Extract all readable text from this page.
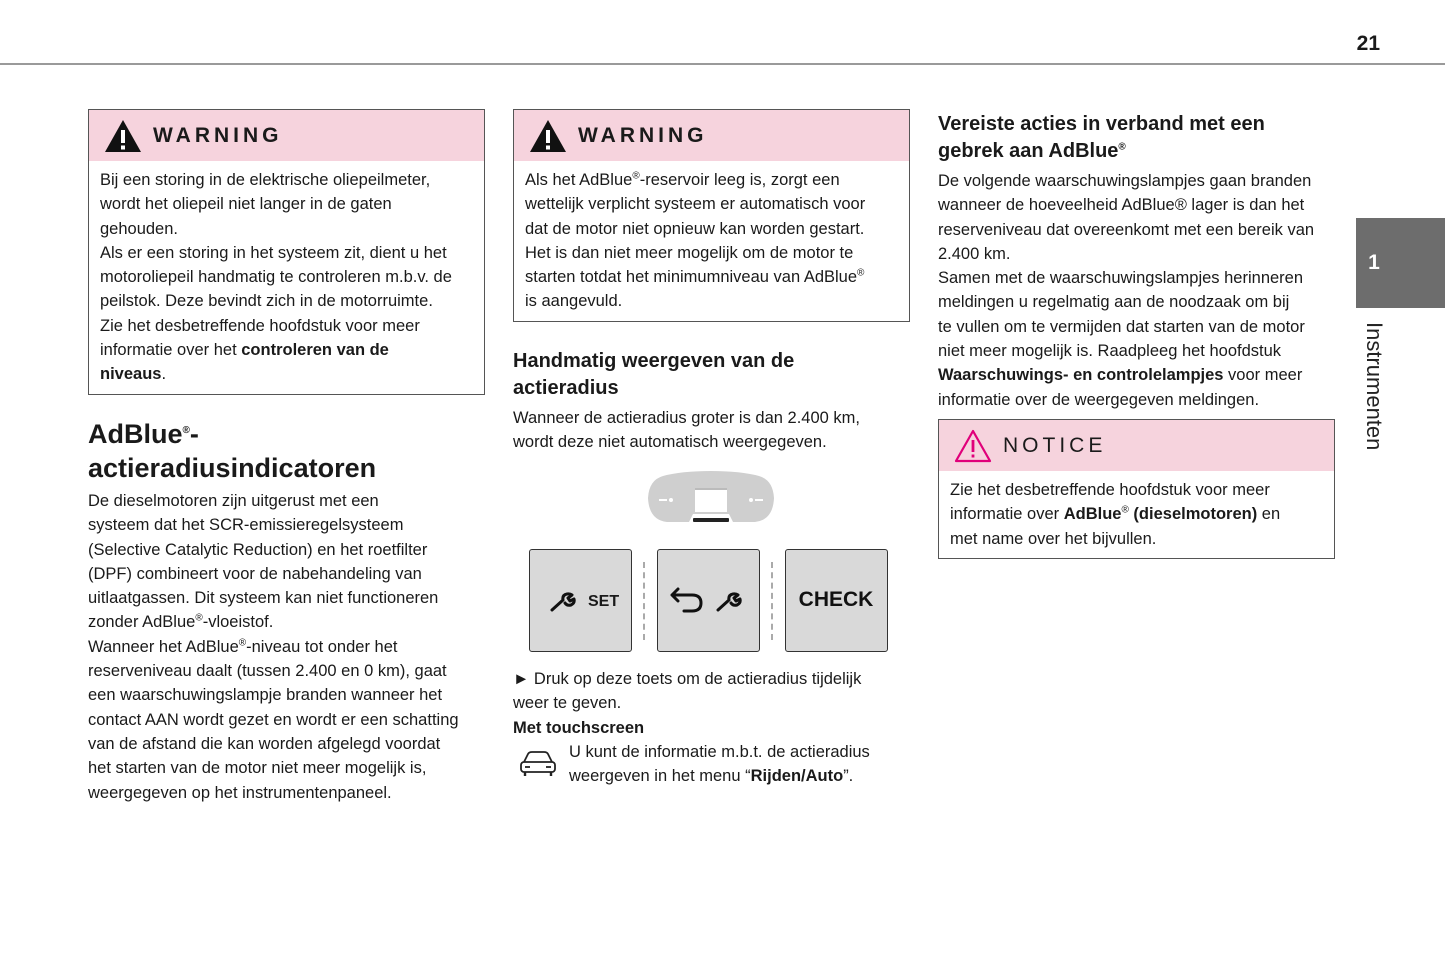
21
1
Instrumenten
WARNING
Bij een storing in de elektrische oliepeilmeter,
wordt het oliepeil niet langer in de gaten
gehouden.
Als er een storing in het systeem zit, dient u het
motoroliepeil handmatig te controleren m.b.v. de
peilstok. Deze bevindt zich in de motorruimte.
Zie het desbetreffende hoofdstuk voor meer
informatie over het controleren van de
niveaus.
AdBlue®-
actieradiusindicatoren
De dieselmotoren zijn uitgerust met een
systeem dat het SCR-emissieregelsysteem
(Selective Catalytic Reduction) en het roetfilter
(DPF) combineert voor de nabehandeling van
uitlaatgassen. Dit systeem kan niet functioneren
zonder AdBlue®-vloeistof.
Wanneer het AdBlue®-niveau tot onder het
reserveniveau daalt (tussen 2.400 en 0 km), gaat
een waarschuwingslampje branden wanneer het
contact AAN wordt gezet en wordt er een schatting
van de afstand die kan worden afgelegd voordat
het starten van de motor niet meer mogelijk is,
weergegeven op het instrumentenpaneel.
WARNING
Als het AdBlue®-reservoir leeg is, zorgt een
wettelijk verplicht systeem er automatisch voor
dat de motor niet opnieuw kan worden gestart.
Het is dan niet meer mogelijk om de motor te
starten totdat het minimumniveau van AdBlue®
is aangevuld.
Handmatig weergeven van de
actieradius
Wanneer de actieradius groter is dan 2.400 km,
wordt deze niet automatisch weergegeven.
SET	CHECK
► Druk op deze toets om de actieradius tijdelijk
weer te geven.
Met touchscreen
U kunt de informatie m.b.t. de actieradius
weergeven in het menu “Rijden/Auto”.
Vereiste acties in verband met een
gebrek aan AdBlue®
De volgende waarschuwingslampjes gaan branden
wanneer de hoeveelheid AdBlue® lager is dan het
reserveniveau dat overeenkomt met een bereik van
2.400 km.
Samen met de waarschuwingslampjes herinneren
meldingen u regelmatig aan de noodzaak om bij
te vullen om te vermijden dat starten van de motor
niet meer mogelijk is. Raadpleeg het hoofdstuk
Waarschuwings- en controlelampjes voor meer
informatie over de weergegeven meldingen.
NOTICE
Zie het desbetreffende hoofdstuk voor meer
informatie over AdBlue® (dieselmotoren) en
met name over het bijvullen.
